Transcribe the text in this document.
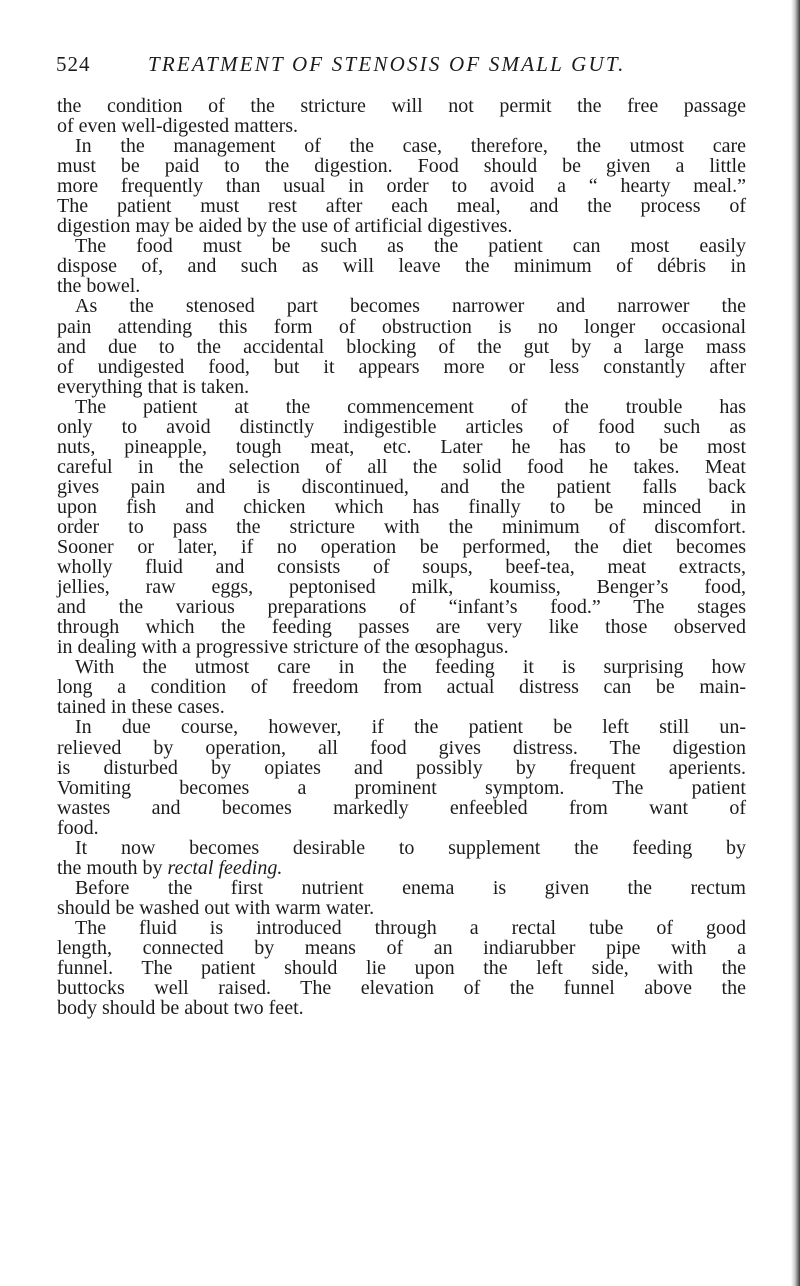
524	TREATMENT OF STENOSIS OF SMALL GUT.
the condition of the stricture will not permit the free passage
of even well-digested matters.
In the management of the case, therefore, the utmost care
must be paid to the digestion. Food should be given a little
more frequently than usual in order to avoid a “ hearty meal.”
The patient must rest after each meal, and the process of
digestion may be aided by the use of artificial digestives.
The food must be such as the patient can most easily
dispose of, and such as will leave the minimum of débris in
the bowel.
As the stenosed part becomes narrower and narrower the
pain attending this form of obstruction is no longer occasional
and due to the accidental blocking of the gut by a large mass
of undigested food, but it appears more or less constantly after
everything that is taken.
The patient at the commencement of the trouble has
only to avoid distinctly indigestible articles of food such as
nuts, pineapple, tough meat, etc. Later he has to be most
careful in the selection of all the solid food he takes. Meat
gives pain and is discontinued, and the patient falls back
upon fish and chicken which has finally to be minced in
order to pass the stricture with the minimum of discomfort.
Sooner or later, if no operation be performed, the diet becomes
wholly fluid and consists of soups, beef-tea, meat extracts,
jellies, raw eggs, peptonised milk, koumiss, Benger’s food,
and the various preparations of “infant’s food.” The stages
through which the feeding passes are very like those observed
in dealing with a progressive stricture of the œsophagus.
With the utmost care in the feeding it is surprising how
long a condition of freedom from actual distress can be main-
tained in these cases.
In due course, however, if the patient be left still un-
relieved by operation, all food gives distress. The digestion
is disturbed by opiates and possibly by frequent aperients.
Vomiting becomes a prominent symptom. The patient
wastes and becomes markedly enfeebled from want of
food.
It now becomes desirable to supplement the feeding by
the mouth by rectal feeding.
Before the first nutrient enema is given the rectum
should be washed out with warm water.
The fluid is introduced through a rectal tube of good
length, connected by means of an indiarubber pipe with a
funnel. The patient should lie upon the left side, with the
buttocks well raised. The elevation of the funnel above the
body should be about two feet.
